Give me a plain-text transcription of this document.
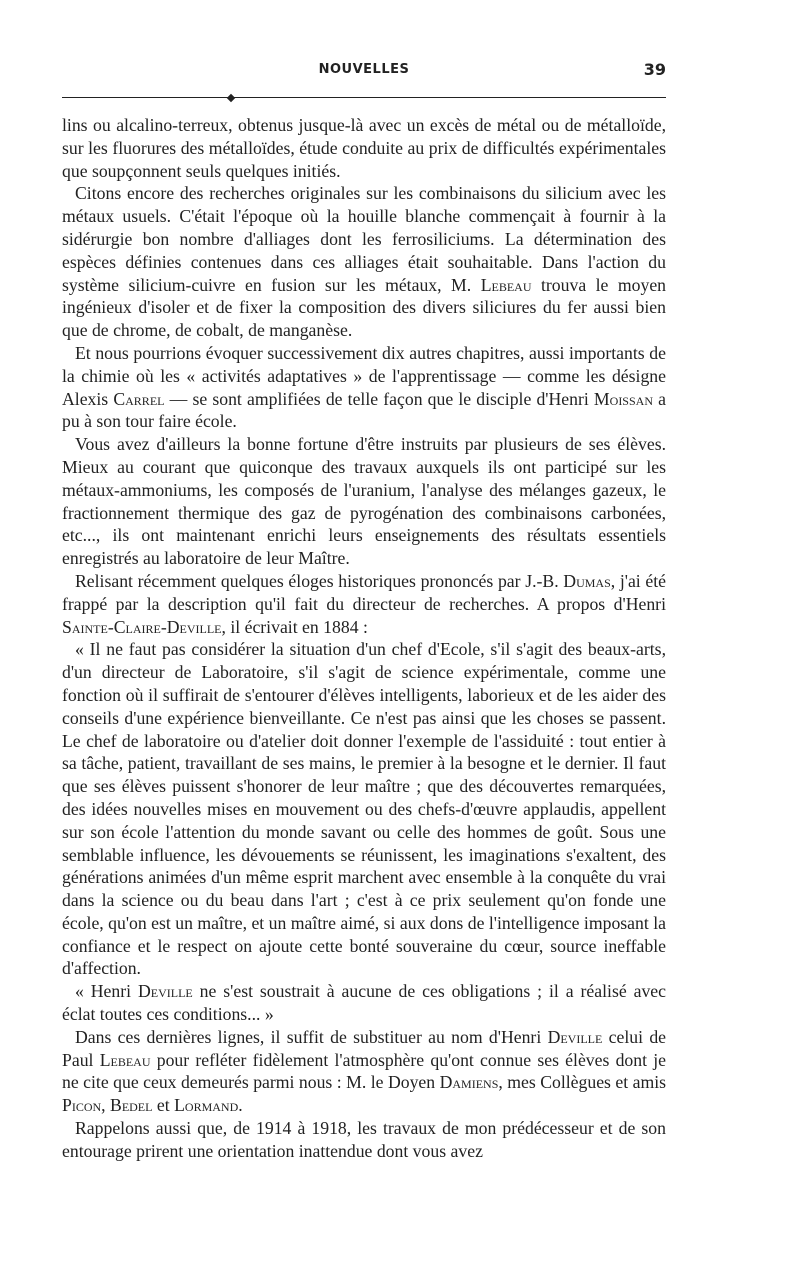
NOUVELLES	39

lins ou alcalino-terreux, obtenus jusque-là avec un excès de métal ou de métalloïde, sur les fluorures des métalloïdes, étude conduite au prix de difficultés expérimentales que soupçonnent seuls quelques initiés.

Citons encore des recherches originales sur les combinaisons du silicium avec les métaux usuels. C'était l'époque où la houille blanche commençait à fournir à la sidérurgie bon nombre d'alliages dont les ferrosiliciums. La détermination des espèces définies contenues dans ces alliages était souhaitable. Dans l'action du système silicium-cuivre en fusion sur les métaux, M. Lebeau trouva le moyen ingénieux d'isoler et de fixer la composition des divers siliciures du fer aussi bien que de chrome, de cobalt, de manganèse.

Et nous pourrions évoquer successivement dix autres chapitres, aussi importants de la chimie où les « activités adaptatives » de l'apprentissage — comme les désigne Alexis Carrel — se sont amplifiées de telle façon que le disciple d'Henri Moissan a pu à son tour faire école.

Vous avez d'ailleurs la bonne fortune d'être instruits par plusieurs de ses élèves. Mieux au courant que quiconque des travaux auxquels ils ont participé sur les métaux-ammoniums, les composés de l'uranium, l'analyse des mélanges gazeux, le fractionnement thermique des gaz de pyrogénation des combinaisons carbonées, etc..., ils ont maintenant enrichi leurs enseignements des résultats essentiels enregistrés au laboratoire de leur Maître.

Relisant récemment quelques éloges historiques prononcés par J.-B. Dumas, j'ai été frappé par la description qu'il fait du directeur de recherches. A propos d'Henri Sainte-Claire-Deville, il écrivait en 1884 :

« Il ne faut pas considérer la situation d'un chef d'Ecole, s'il s'agit des beaux-arts, d'un directeur de Laboratoire, s'il s'agit de science expérimentale, comme une fonction où il suffirait de s'entourer d'élèves intelligents, laborieux et de les aider des conseils d'une expérience bienveillante. Ce n'est pas ainsi que les choses se passent. Le chef de laboratoire ou d'atelier doit donner l'exemple de l'assiduité : tout entier à sa tâche, patient, travaillant de ses mains, le premier à la besogne et le dernier. Il faut que ses élèves puissent s'honorer de leur maître ; que des découvertes remarquées, des idées nouvelles mises en mouvement ou des chefs-d'œuvre applaudis, appellent sur son école l'attention du monde savant ou celle des hommes de goût. Sous une semblable influence, les dévouements se réunissent, les imaginations s'exaltent, des générations animées d'un même esprit marchent avec ensemble à la conquête du vrai dans la science ou du beau dans l'art ; c'est à ce prix seulement qu'on fonde une école, qu'on est un maître, et un maître aimé, si aux dons de l'intelligence imposant la confiance et le respect on ajoute cette bonté souveraine du cœur, source ineffable d'affection.

« Henri Deville ne s'est soustrait à aucune de ces obligations ; il a réalisé avec éclat toutes ces conditions... »

Dans ces dernières lignes, il suffit de substituer au nom d'Henri Deville celui de Paul Lebeau pour refléter fidèlement l'atmosphère qu'ont connue ses élèves dont je ne cite que ceux demeurés parmi nous : M. le Doyen Damiens, mes Collègues et amis Picon, Bedel et Lormand.

Rappelons aussi que, de 1914 à 1918, les travaux de mon prédécesseur et de son entourage prirent une orientation inattendue dont vous avez
